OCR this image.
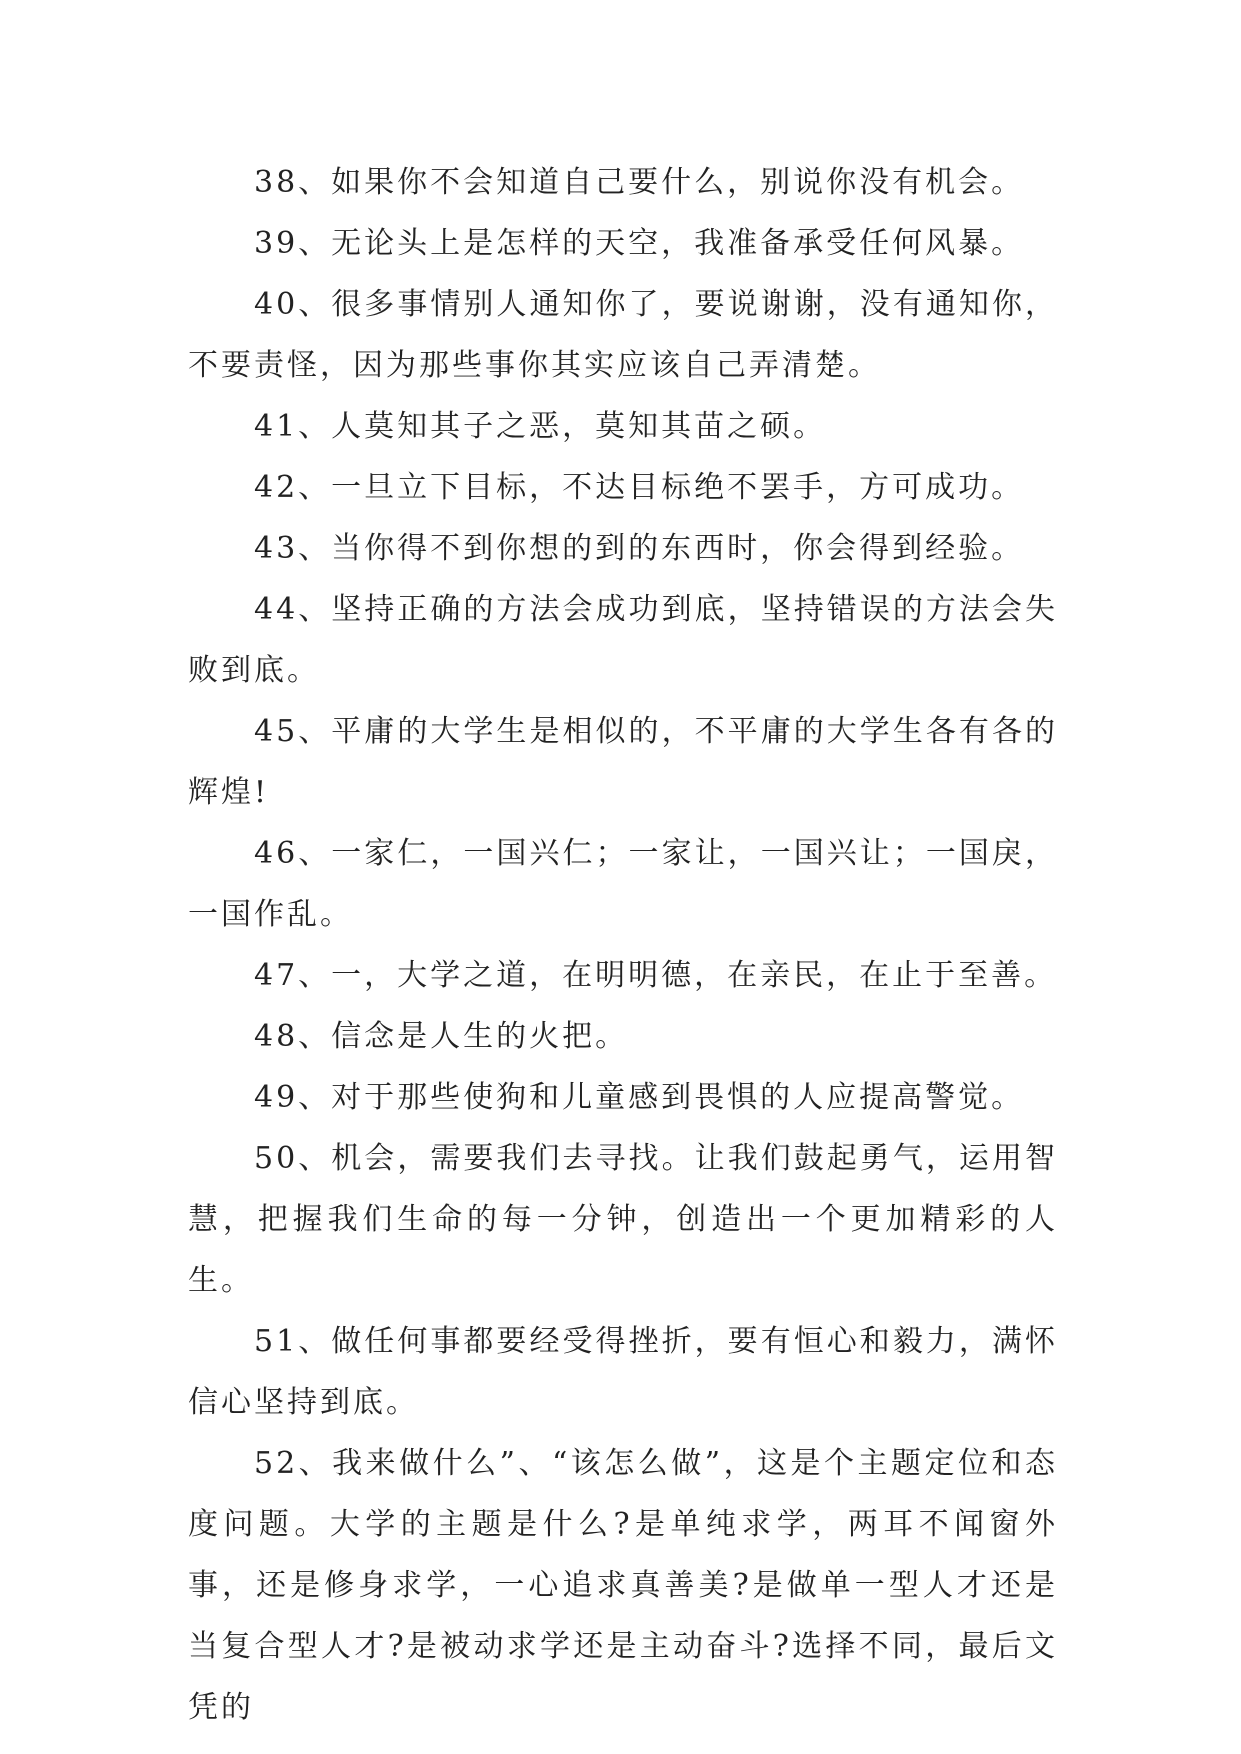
38、如果你不会知道自己要什么，别说你没有机会。

39、无论头上是怎样的天空，我准备承受任何风暴。

40、很多事情别人通知你了，要说谢谢，没有通知你，不要责怪，因为那些事你其实应该自己弄清楚。

41、人莫知其子之恶，莫知其苗之硕。

42、一旦立下目标，不达目标绝不罢手，方可成功。

43、当你得不到你想的到的东西时，你会得到经验。

44、坚持正确的方法会成功到底，坚持错误的方法会失败到底。

45、平庸的大学生是相似的，不平庸的大学生各有各的辉煌!

46、一家仁，一国兴仁；一家让，一国兴让；一国戾，一国作乱。

47、一，大学之道，在明明德，在亲民，在止于至善。

48、信念是人生的火把。

49、对于那些使狗和儿童感到畏惧的人应提高警觉。

50、机会，需要我们去寻找。让我们鼓起勇气，运用智慧，把握我们生命的每一分钟，创造出一个更加精彩的人生。

51、做任何事都要经受得挫折，要有恒心和毅力，满怀信心坚持到底。

52、我来做什么”、“该怎么做”，这是个主题定位和态度问题。大学的主题是什么?是单纯求学，两耳不闻窗外事，还是修身求学，一心追求真善美?是做单一型人才还是当复合型人才?是被动求学还是主动奋斗?选择不同，最后文凭的
